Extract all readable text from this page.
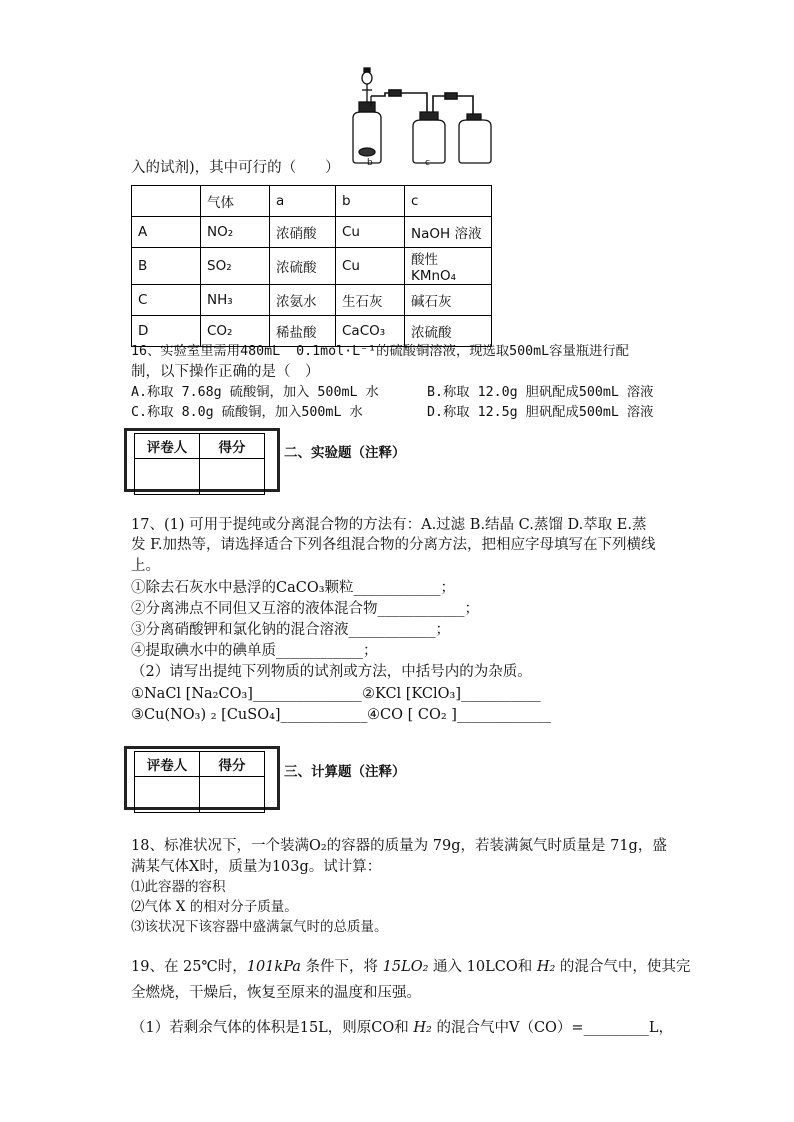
b	c
入的试剂)，其中可行的（　　）
	气体	a	b	c
A	NO₂	浓硝酸	Cu	NaOH 溶液
B	SO₂	浓硫酸	Cu	酸性 KMnO₄
C	NH₃	浓氨水	生石灰	碱石灰
D	CO₂	稀盐酸	CaCO₃	浓硫酸
16、实验室里需用480mL  0.1mol·L⁻¹的硫酸铜溶液，现选取500mL容量瓶进行配
制，以下操作正确的是（　）
A.称取 7.68g 硫酸铜，加入 500mL 水	B.称取 12.0g 胆矾配成500mL 溶液
C.称取 8.0g 硫酸铜，加入500mL 水	D.称取 12.5g 胆矾配成500mL 溶液
评卷人	得分
		二、实验题（注释）
17、(1) 可用于提纯或分离混合物的方法有：A.过滤 B.结晶 C.蒸馏 D.萃取 E.蒸
发 F.加热等，请选择适合下列各组混合物的分离方法，把相应字母填写在下列横线
上。
①除去石灰水中悬浮的CaCO₃颗粒____________；
②分离沸点不同但又互溶的液体混合物____________；
③分离硝酸钾和氯化钠的混合溶液____________；
④提取碘水中的碘单质____________；
（2）请写出提纯下列物质的试剂或方法，中括号内的为杂质。
①NaCl [Na₂CO₃]_______________ ②KCl [KClO₃]___________
③Cu(NO₃) ₂ [CuSO₄]____________ ④CO [ CO₂ ]_____________
评卷人	得分
		三、计算题（注释）
18、标准状况下，一个装满O₂的容器的质量为 79g，若装满氮气时质量是 71g，盛
满某气体X时，质量为103g。试计算：
⑴此容器的容积
⑵气体 X 的相对分子质量。
⑶该状况下该容器中盛满氯气时的总质量。
19、在 25℃时，101kPa 条件下，将 15LO₂ 通入 10LCO和 H₂ 的混合气中，使其完
全燃烧，干燥后，恢复至原来的温度和压强。
（1）若剩余气体的体积是15L，则原CO和 H₂ 的混合气中V（CO）=_________L，
